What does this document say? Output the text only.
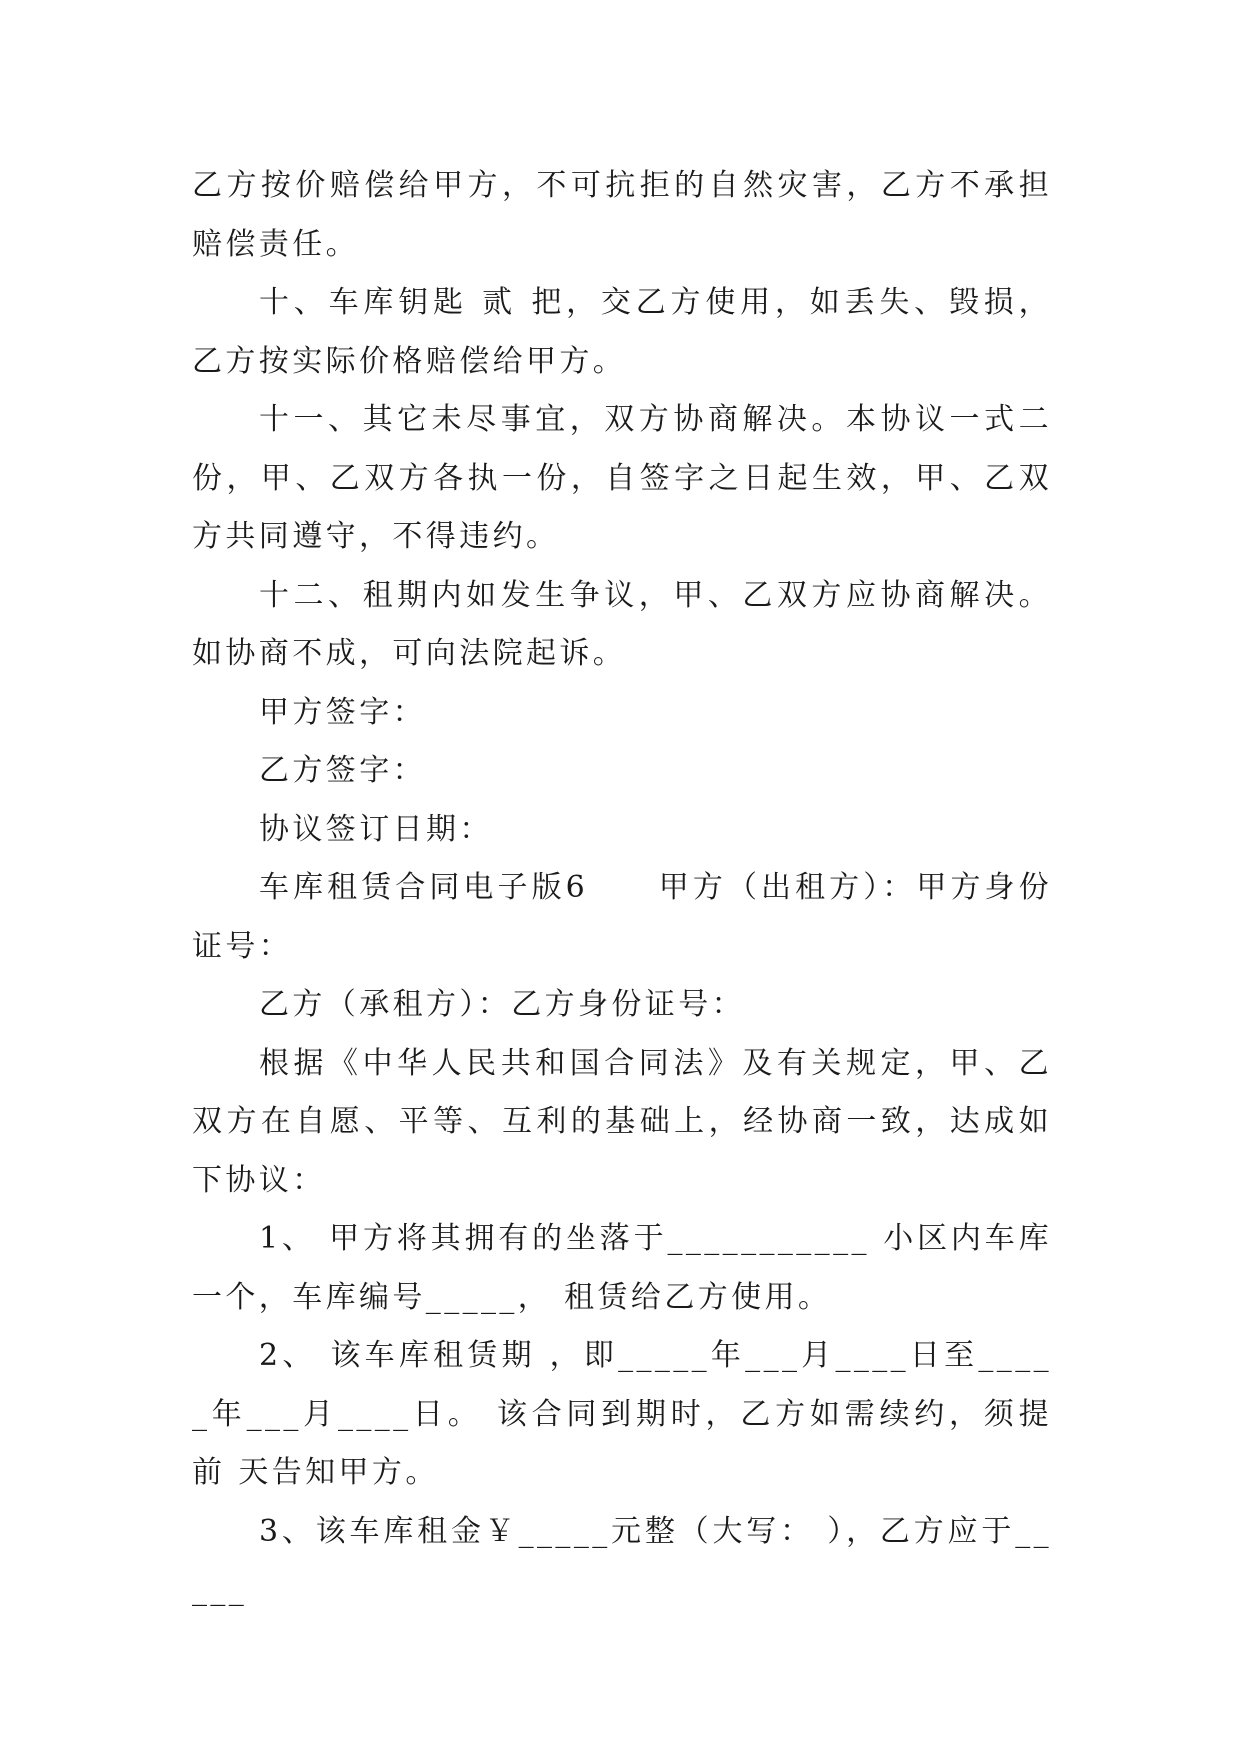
乙方按价赔偿给甲方，不可抗拒的自然灾害，乙方不承担赔偿责任。

十、车库钥匙 贰 把，交乙方使用，如丢失、毁损，乙方按实际价格赔偿给甲方。

十一、其它未尽事宜，双方协商解决。本协议一式二份，甲、乙双方各执一份，自签字之日起生效，甲、乙双方共同遵守，不得违约。

十二、租期内如发生争议，甲、乙双方应协商解决。如协商不成，可向法院起诉。

甲方签字：

乙方签字：

协议签订日期：

车库租赁合同电子版6 甲方（出租方）：甲方身份证号：

乙方（承租方）：乙方身份证号：

根据《中华人民共和国合同法》及有关规定，甲、乙双方在自愿、平等、互利的基础上，经协商一致，达成如下协议：

1、 甲方将其拥有的坐落于___________ 小区内车库一个，车库编号_____， 租赁给乙方使用。

2、 该车库租赁期 ，即_____年___月____日至_____年___月____日。 该合同到期时，乙方如需续约，须提前 天告知甲方。

3、该车库租金￥_____元整（大写： ），乙方应于_____
